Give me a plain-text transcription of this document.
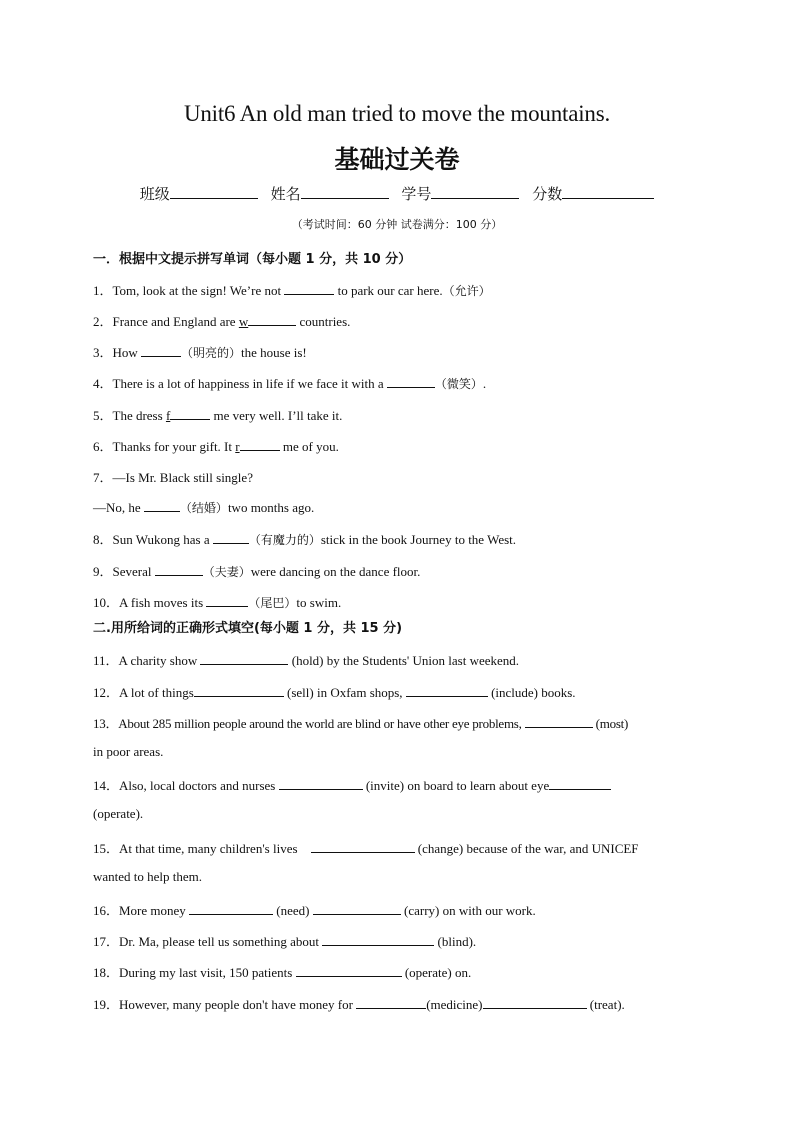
Unit6 An old man tried to move the mountains.
基础过关卷
班级	姓名	学号	分数
（考试时间：60 分钟 试卷满分：100 分）
一．根据中文提示拼写单词（每小题 1 分，共 10 分）
1．Tom, look at the sign! We’re not	to park our car here.（允许）
2．France and England are w	countries.
3．How	（明亮的）the house is!
4．There is a lot of happiness in life if we face it with a	（微笑）.
5．The dress f	me very well. I’ll take it.
6．Thanks for your gift. It r	me of you.
7．—Is Mr. Black still single?
—No, he	（结婚）two months ago.
8．Sun Wukong has a	（有魔力的）stick in the book Journey to the West.
9．Several	（夫妻）were dancing on the dance floor.
10．A fish moves its	（尾巴）to swim.
二.用所给词的正确形式填空(每小题 1 分，共 15 分)
11．A charity show	(hold) by the Students' Union last weekend.
12．A lot of things	(sell) in Oxfam shops,	(include) books.
13．About 285 million people around the world are blind or have other eye problems,	(most)
in poor areas.
14．Also, local doctors and nurses	(invite) on board to learn about eye
(operate).
15．At that time, many children's lives	(change) because of the war, and UNICEF
wanted to help them.
16．More money	(need)	(carry) on with our work.
17．Dr. Ma, please tell us something about	(blind).
18．During my last visit, 150 patients	(operate) on.
19．However, many people don't have money for	(medicine)	(treat).
